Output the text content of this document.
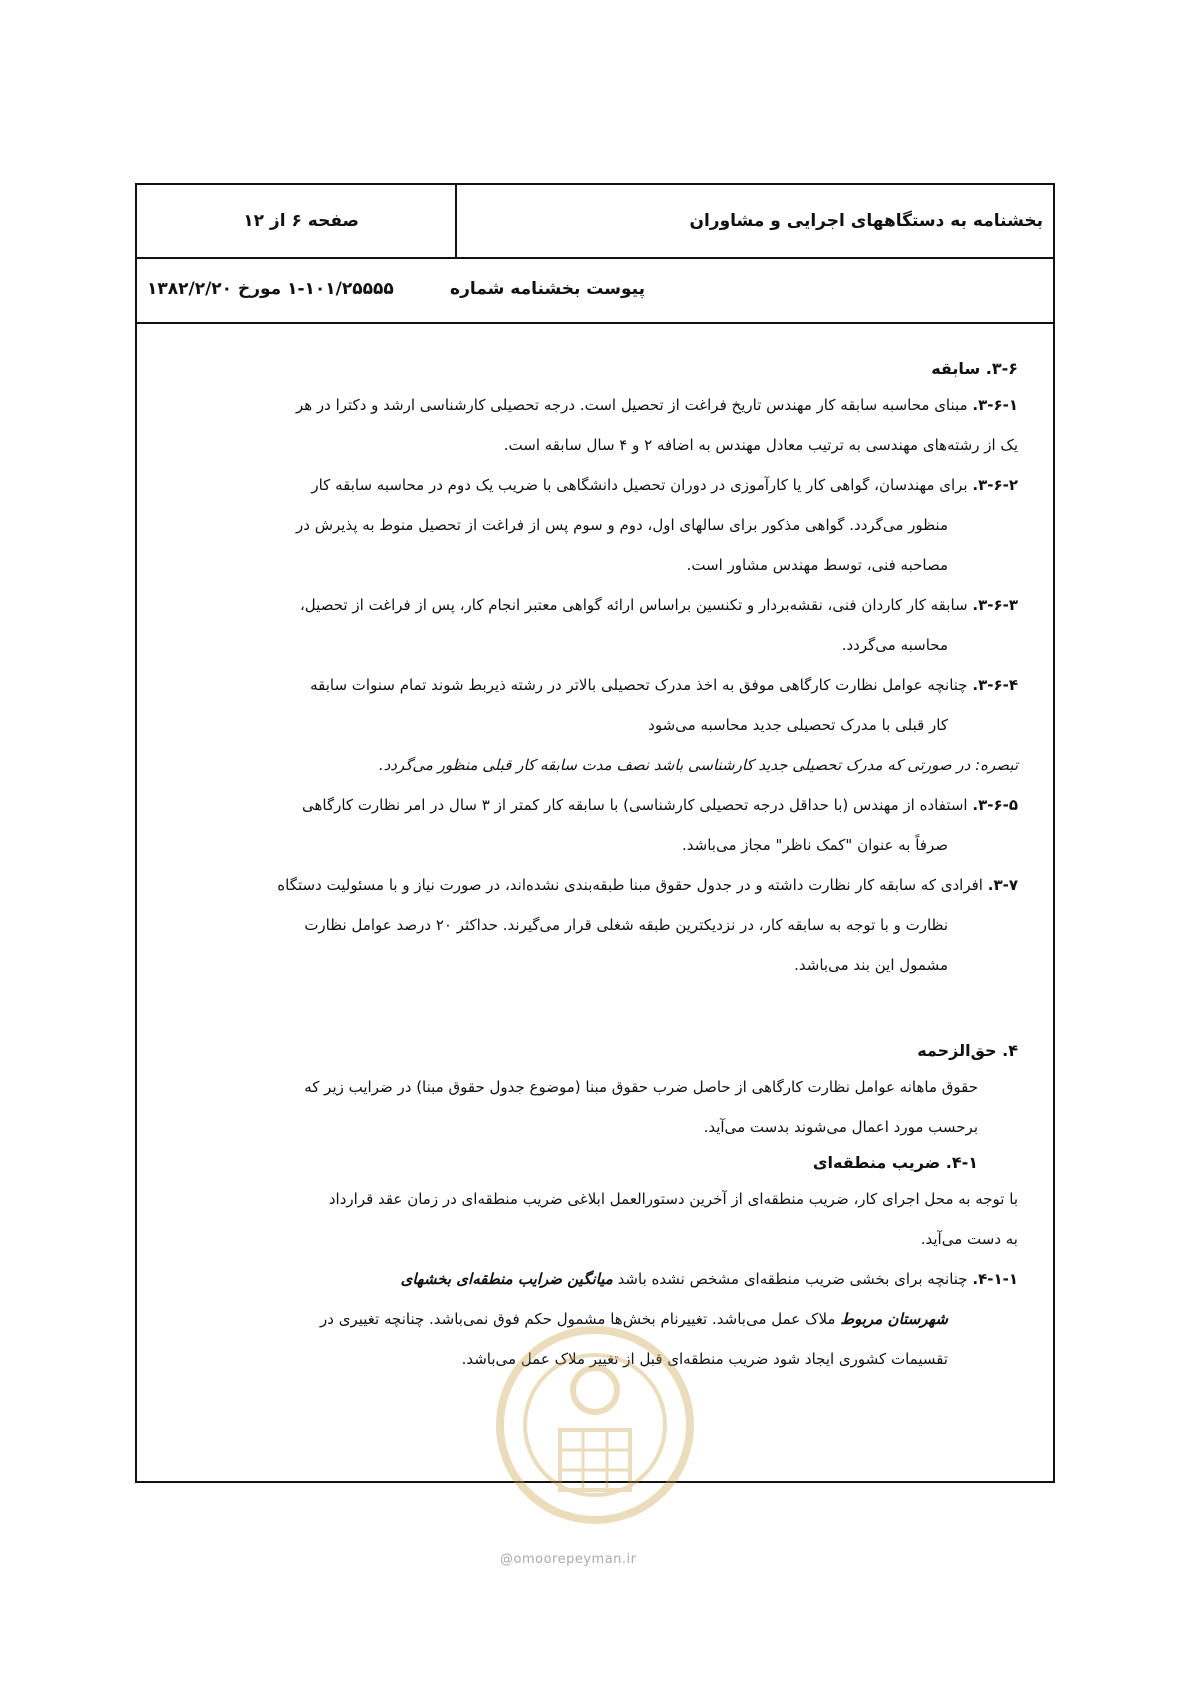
بخشنامه به دستگاههای اجرایی و مشاوران
صفحه ۶ از ۱۲
پیوست بخشنامه شماره
۱-۱۰۱/۲۵۵۵۵ مورخ ۱۳۸۲/۲/۲۰
۳-۶. سابقه
۳-۶-۱. مبنای محاسبه سابقه کار مهندس تاریخ فراغت از تحصیل است. درجه تحصیلی کارشناسی ارشد و دکترا در هر
یک از رشته‌های مهندسی به ترتیب معادل مهندس به اضافه ۲ و ۴ سال سابقه است.
۳-۶-۲. برای مهندسان، گواهی کار یا کارآموزی در دوران تحصیل دانشگاهی با ضریب یک دوم در محاسبه سابقه کار
منظور می‌گردد. گواهی مذکور برای سالهای اول، دوم و سوم پس از فراغت از تحصیل منوط به پذیرش در
مصاحبه فنی، توسط مهندس مشاور است.
۳-۶-۳. سابقه کار کاردان فنی، نقشه‌بردار و تکنسین براساس ارائه گواهی معتبر انجام کار، پس از فراغت از تحصیل،
محاسبه می‌گردد.
۳-۶-۴. چنانچه عوامل نظارت کارگاهی موفق به اخذ مدرک تحصیلی بالاتر در رشته ذیربط شوند تمام سنوات سابقه
کار قبلی با مدرک تحصیلی جدید محاسبه می‌شود
تبصره: در صورتی که مدرک تحصیلی جدید کارشناسی باشد نصف مدت سابقه کار قبلی منظور می‌گردد.
۳-۶-۵. استفاده از مهندس (با حداقل درجه تحصیلی کارشناسی) با سابقه کار کمتر از ۳ سال در امر نظارت کارگاهی
صرفاً به عنوان "کمک ناظر" مجاز می‌باشد.
۳-۷. افرادی که سابقه کار نظارت داشته و در جدول حقوق مبنا طبقه‌بندی نشده‌اند، در صورت نیاز و با مسئولیت دستگاه
نظارت و با توجه به سابقه کار، در نزدیکترین طبقه شغلی قرار می‌گیرند. حداکثر ۲۰ درصد عوامل نظارت
مشمول این بند می‌باشد.
۴. حق‌الزحمه
حقوق ماهانه عوامل نظارت کارگاهی از حاصل ضرب حقوق مبنا (موضوع جدول حقوق مبنا) در ضرایب زیر که
برحسب مورد اعمال می‌شوند بدست می‌آید.
۴-۱. ضریب منطقه‌ای
با توجه به محل اجرای کار، ضریب منطقه‌ای از آخرین دستورالعمل ابلاغی ضریب منطقه‌ای در زمان عقد قرارداد
به دست می‌آید.
۴-۱-۱. چنانچه برای بخشی ضریب منطقه‌ای مشخص نشده باشد میانگین ضرایب منطقه‌ای بخشهای
شهرستان مربوط ملاک عمل می‌باشد. تغییرنام بخش‌ها مشمول حکم فوق نمی‌باشد. چنانچه تغییری در
تقسیمات کشوری ایجاد شود ضریب منطقه‌ای قبل از تغییر ملاک عمل می‌باشد.
@omoorepeyman.ir
